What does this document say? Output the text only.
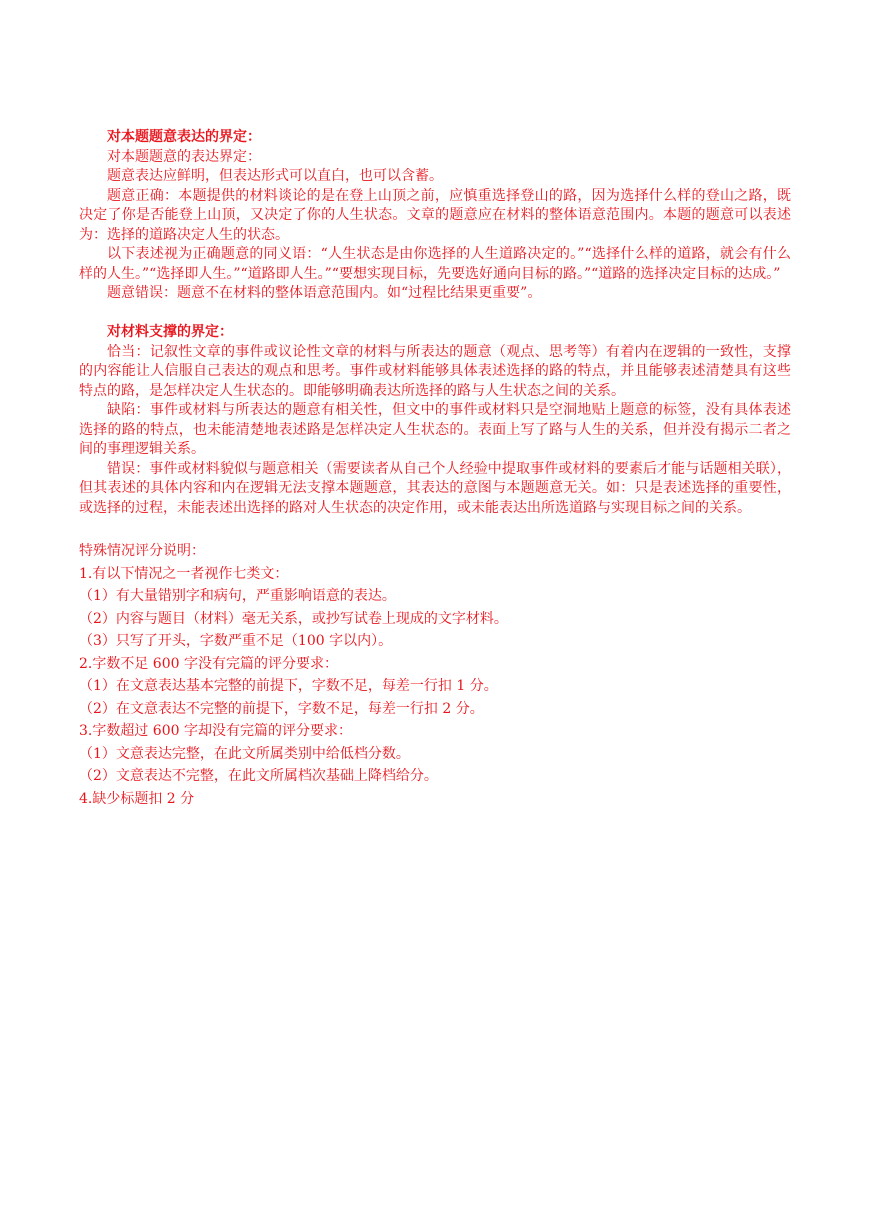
对本题题意表达的界定：

对本题题意的表达界定：

题意表达应鲜明，但表达形式可以直白，也可以含蓄。

题意正确：本题提供的材料谈论的是在登上山顶之前，应慎重选择登山的路，因为选择什么样的登山之路，既决定了你是否能登上山顶，又决定了你的人生状态。文章的题意应在材料的整体语意范围内。本题的题意可以表述为：选择的道路决定人生的状态。

以下表述视为正确题意的同义语：“人生状态是由你选择的人生道路决定的。”“选择什么样的道路，就会有什么样的人生。”“选择即人生。”“道路即人生。”“要想实现目标，先要选好通向目标的路。”“道路的选择决定目标的达成。”

题意错误：题意不在材料的整体语意范围内。如“过程比结果更重要”。

对材料支撑的界定：

恰当：记叙性文章的事件或议论性文章的材料与所表达的题意（观点、思考等）有着内在逻辑的一致性，支撑的内容能让人信服自己表达的观点和思考。事件或材料能够具体表述选择的路的特点，并且能够表述清楚具有这些特点的路，是怎样决定人生状态的。即能够明确表达所选择的路与人生状态之间的关系。

缺陷：事件或材料与所表达的题意有相关性，但文中的事件或材料只是空洞地贴上题意的标签，没有具体表述选择的路的特点，也未能清楚地表述路是怎样决定人生状态的。表面上写了路与人生的关系，但并没有揭示二者之间的事理逻辑关系。

错误：事件或材料貌似与题意相关（需要读者从自己个人经验中提取事件或材料的要素后才能与话题相关联），但其表述的具体内容和内在逻辑无法支撑本题题意，其表达的意图与本题题意无关。如：只是表述选择的重要性，或选择的过程，未能表述出选择的路对人生状态的决定作用，或未能表达出所选道路与实现目标之间的关系。

特殊情况评分说明：

1.有以下情况之一者视作七类文：

（1）有大量错别字和病句，严重影响语意的表达。

（2）内容与题目（材料）毫无关系，或抄写试卷上现成的文字材料。

（3）只写了开头，字数严重不足（100 字以内）。

2.字数不足 600 字没有完篇的评分要求：

（1）在文意表达基本完整的前提下，字数不足，每差一行扣 1 分。

（2）在文意表达不完整的前提下，字数不足，每差一行扣 2 分。

3.字数超过 600 字却没有完篇的评分要求：

（1）文意表达完整，在此文所属类别中给低档分数。

（2）文意表达不完整，在此文所属档次基础上降档给分。

4.缺少标题扣 2 分
